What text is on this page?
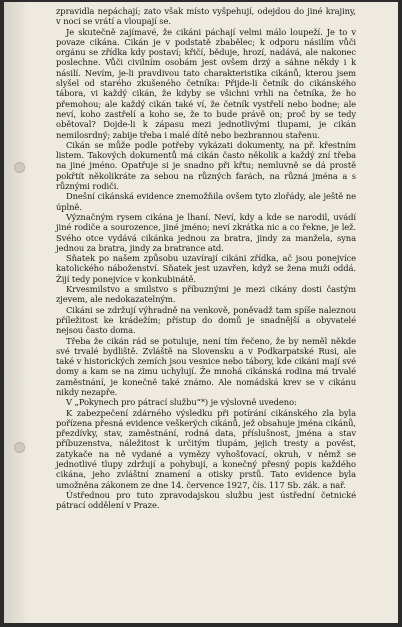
zpravidla nepáchají; zato však místo vyšpehují, odejdou do jiné krajiny, v noci se vrátí a vloupají se.

Je skutečně zajímavé, že cikáni páchají velmi málo loupeží. Je to v povaze cikána. Cikán je v podstatě zbabělec; k odporu násilím vůči orgánu se zřídka kdy postaví; křičí, běduje, hrozí, nadává, ale nakonec poslechne. Vůči civilním osobám jest ovšem drzý a sáhne někdy i k násilí. Nevím, je-li pravdivou tato charakteristika cikánů, kterou jsem slyšel od starého zkušeného četníka: Přijde-li četník do cikánského tábora, vi každý cikán, že kdyby se všichni vrhli na četníka, že ho přemohou; ale každý cikán také ví, že četník vystřelí nebo bodne; ale neví, koho zastřelí a koho se, že to bude právě on; proč by se tedy obětoval? Dojde-li k zápasu mezi jednotlivými tlupami, je cikán nemilosrdný; zabije třeba i malé dítě nebo bezbrannou stařenu.

Cikán se může podle potřeby vykázati dokumenty, na př. křestním listem. Takových dokumentů má cikán často několik a každý zní třeba na jiné jméno. Opatřuje si je snadno při křtu; nemluvně se dá prostě pokřtít několikráte za sebou na různých farách, na různá jména a s různými rodiči.

Dnešní cikánská evidence znemožňila ovšem tyto zlořády, ale ještě ne úplně.

Význačným rysem cikána je lhaní. Neví, kdy a kde se narodil, uvádí jiné rodiče a sourozence, jiné jméno; neví zkrátka nic a co řekne, je lež. Svého otce vydává cikánka jednou za bratra, jindy za manžela, syna jednou za bratra, jindy za bratrance atd.

Sňatek po našem způsobu uzavírají cikáni zřídka, ač jsou ponejvíce katolického náboženství. Sňatek jest uzavřen, když se žena muži oddá. Žijí tedy ponejvíce v konkubinátě.

Krvesmilstvo a smilstvo s příbuznými je mezi cikány dosti častým zjevem, ale nedokazatelným.

Cikáni se zdržují výhradně na venkově, poněvadž tam spíše naleznou příležitost ke krádežím; přístup do domů je snadnější a obyvatelé nejsou často doma.

Třeba že cikán rád se potuluje, není tím řečeno, že by neměl někde své trvalé bydliště. Zvláště na Slovensku a v Podkarpatské Rusi, ale také v historických zemích jsou vesnice nebo tábory, kde cikáni mají své domy a kam se na zimu uchylují. Že mnohá cikánská rodina má trvalé zaměstnání, je konečně také známo. Ale nomádská krev se v cikánu nikdy nezapře.

V „Pokynech pro pátrací službu“*) je výslovně uvedeno:

K zabezpečení zdárného výsledku při potírání cikánského zla byla pořízena přesná evidence veškerých cikánů, jež obsahuje jména cikánů, přezdívky, stav, zaměstnání, rodná data, příslušnost, jména a stav příbuzenstva, náležitost k určitým tlupám, jejich tresty a pověst, zatykače na ně vydané a vymězy vyhošťovací, okruh, v němž se jednotlivé tlupy zdržují a pohybují, a konečný přesný popis každého cikána, jeho zvláštní znamení a otisky prstů. Tato evidence byla umožněna zákonem ze dne 14. července 1927, čís. 117 Sb. zák. a nař.

Ústřednou pro tuto zpravodajskou službu jest ústřední četnické pátrací oddělení v Praze.
